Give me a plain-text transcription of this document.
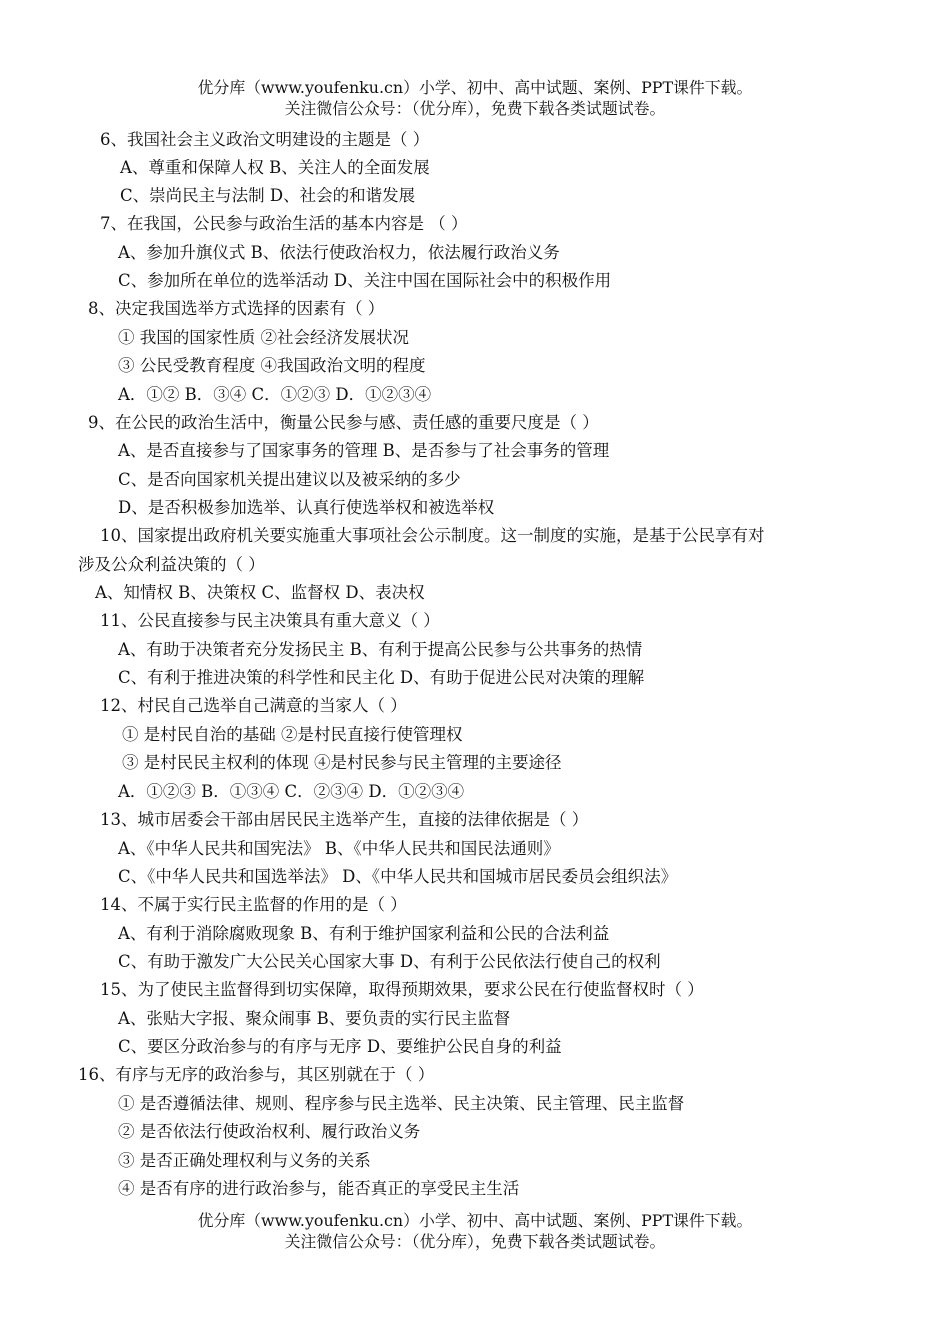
优分库（www.youfenku.cn）小学、初中、高中试题、案例、PPT课件下载。
关注微信公众号：（优分库），免费下载各类试题试卷。
6、我国社会主义政治文明建设的主题是（ ）
A、尊重和保障人权 B、关注人的全面发展
C、崇尚民主与法制 D、社会的和谐发展
7、在我国，公民参与政治生活的基本内容是 （ ）
A、参加升旗仪式 B、依法行使政治权力，依法履行政治义务
C、参加所在单位的选举活动 D、关注中国在国际社会中的积极作用
8、决定我国选举方式选择的因素有（ ）
① 我国的国家性质 ②社会经济发展状况
③ 公民受教育程度 ④我国政治文明的程度
A．①② B．③④ C．①②③ D．①②③④
9、在公民的政治生活中，衡量公民参与感、责任感的重要尺度是（ ）
A、是否直接参与了国家事务的管理 B、是否参与了社会事务的管理
C、是否向国家机关提出建议以及被采纳的多少
D、是否积极参加选举、认真行使选举权和被选举权
10、国家提出政府机关要实施重大事项社会公示制度。这一制度的实施，是基于公民享有对
涉及公众利益决策的（ ）
A、知情权 B、决策权 C、监督权 D、表决权
11、公民直接参与民主决策具有重大意义（ ）
A、有助于决策者充分发扬民主 B、有利于提高公民参与公共事务的热情
C、有利于推进决策的科学性和民主化 D、有助于促进公民对决策的理解
12、村民自己选举自己满意的当家人（ ）
① 是村民自治的基础 ②是村民直接行使管理权
③ 是村民民主权利的体现 ④是村民参与民主管理的主要途径
A．①②③ B．①③④ C．②③④ D．①②③④
13、城市居委会干部由居民民主选举产生，直接的法律依据是（ ）
A、《中华人民共和国宪法》 B、《中华人民共和国民法通则》
C、《中华人民共和国选举法》 D、《中华人民共和国城市居民委员会组织法》
14、不属于实行民主监督的作用的是（ ）
A、有利于消除腐败现象 B、有利于维护国家利益和公民的合法利益
C、有助于激发广大公民关心国家大事 D、有利于公民依法行使自己的权利
15、为了使民主监督得到切实保障，取得预期效果，要求公民在行使监督权时（ ）
A、张贴大字报、聚众闹事 B、要负责的实行民主监督
C、要区分政治参与的有序与无序 D、要维护公民自身的利益
16、有序与无序的政治参与，其区别就在于（ ）
① 是否遵循法律、规则、程序参与民主选举、民主决策、民主管理、民主监督
② 是否依法行使政治权利、履行政治义务
③ 是否正确处理权利与义务的关系
④ 是否有序的进行政治参与，能否真正的享受民主生活
优分库（www.youfenku.cn）小学、初中、高中试题、案例、PPT课件下载。
关注微信公众号：（优分库），免费下载各类试题试卷。
